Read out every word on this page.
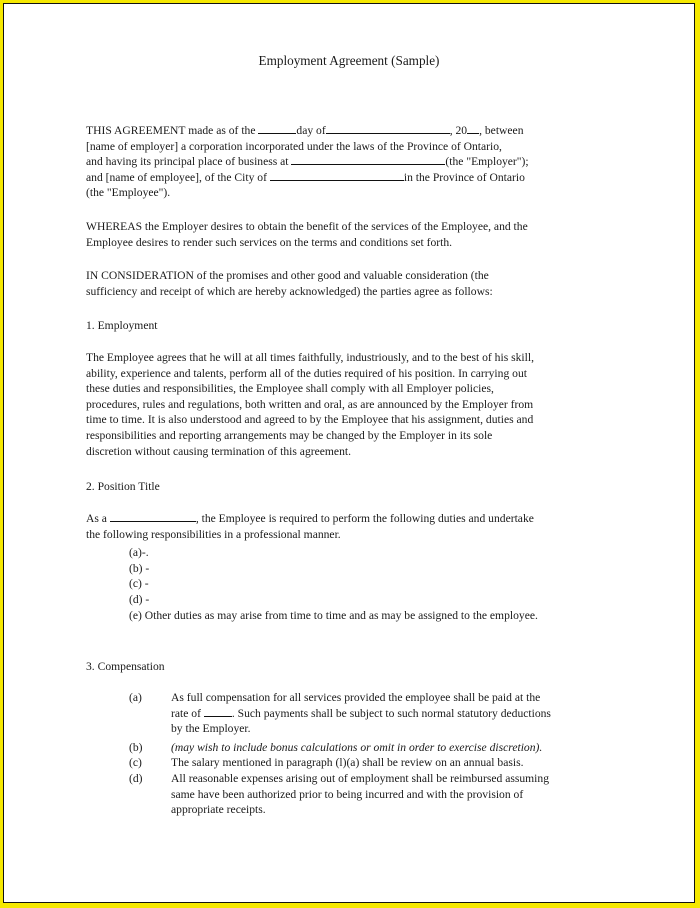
Employment Agreement (Sample)
THIS AGREEMENT made as of the	day of	, 20 , between
[name of employer] a corporation incorporated under the laws of the Province of Ontario,
and having its principal place of business at	(the "Employer");
and [name of employee], of the City of	in the Province of Ontario
(the "Employee").
WHEREAS the Employer desires to obtain the benefit of the services of the Employee, and the
Employee desires to render such services on the terms and conditions set forth.
IN CONSIDERATION of the promises and other good and valuable consideration (the
sufficiency and receipt of which are hereby acknowledged) the parties agree as follows:
1. Employment
The Employee agrees that he will at all times faithfully, industriously, and to the best of his skill,
ability, experience and talents, perform all of the duties required of his position. In carrying out
these duties and responsibilities, the Employee shall comply with all Employer policies,
procedures, rules and regulations, both written and oral, as are announced by the Employer from
time to time. It is also understood and agreed to by the Employee that his assignment, duties and
responsibilities and reporting arrangements may be changed by the Employer in its sole
discretion without causing termination of this agreement.
2. Position Title
As a	, the Employee is required to perform the following duties and undertake
the following responsibilities in a professional manner.
(a)-.
(b) -
(c) -
(d) -
(e) Other duties as may arise from time to time and as may be assigned to the employee.
3. Compensation
(a)	As full compensation for all services provided the employee shall be paid at the
rate of . Such payments shall be subject to such normal statutory deductions
by the Employer.
(b) (may wish to include bonus calculations or omit in order to exercise discretion).
(c)	The salary mentioned in paragraph (l)(a) shall be review on an annual basis.
(d) All reasonable expenses arising out of employment shall be reimbursed assuming
same have been authorized prior to being incurred and with the provision of
appropriate receipts.
